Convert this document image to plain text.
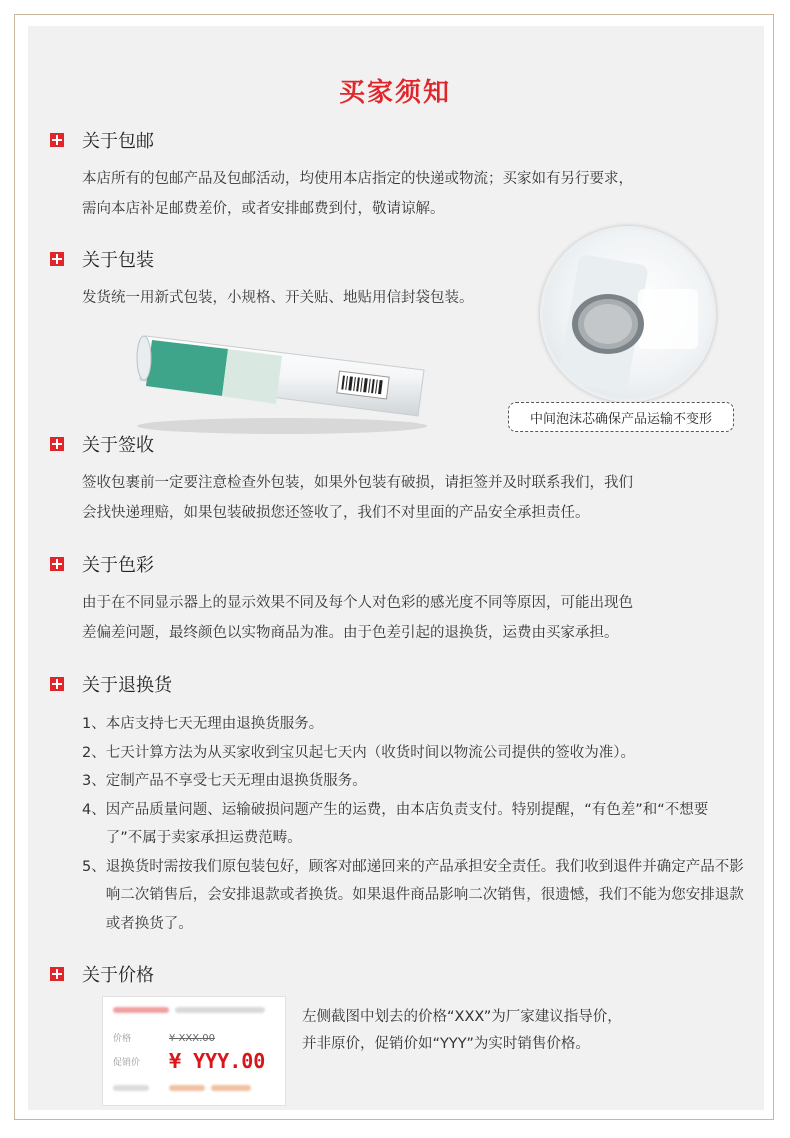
买家须知
关于包邮
本店所有的包邮产品及包邮活动，均使用本店指定的快递或物流；买家如有另行要求，
需向本店补足邮费差价，或者安排邮费到付，敬请谅解。
关于包装
发货统一用新式包装，小规格、开关贴、地贴用信封袋包装。
中间泡沫芯确保产品运输不变形
关于签收
签收包裹前一定要注意检查外包装，如果外包装有破损，请拒签并及时联系我们，我们
会找快递理赔，如果包装破损您还签收了，我们不对里面的产品安全承担责任。
关于色彩
由于在不同显示器上的显示效果不同及每个人对色彩的感光度不同等原因，可能出现色
差偏差问题，最终颜色以实物商品为准。由于色差引起的退换货，运费由买家承担。
关于退换货
1、 本店支持七天无理由退换货服务。
2、 七天计算方法为从买家收到宝贝起七天内（收货时间以物流公司提供的签收为准）。
3、 定制产品不享受七天无理由退换货服务。
4、 因产品质量问题、运输破损问题产生的运费，由本店负责支付。特别提醒，“有色差”和“不想要了”不属于卖家承担运费范畴。
5、 退换货时需按我们原包装包好，顾客对邮递回来的产品承担安全责任。我们收到退件并确定产品不影响二次销售后，会安排退款或者换货。如果退件商品影响二次销售，很遗憾，我们不能为您安排退款或者换货了。
关于价格
价格	¥ XXX.00
促销价 ¥ YYY.00
左侧截图中划去的价格“XXX”为厂家建议指导价，
并非原价，促销价如“YYY”为实时销售价格。
